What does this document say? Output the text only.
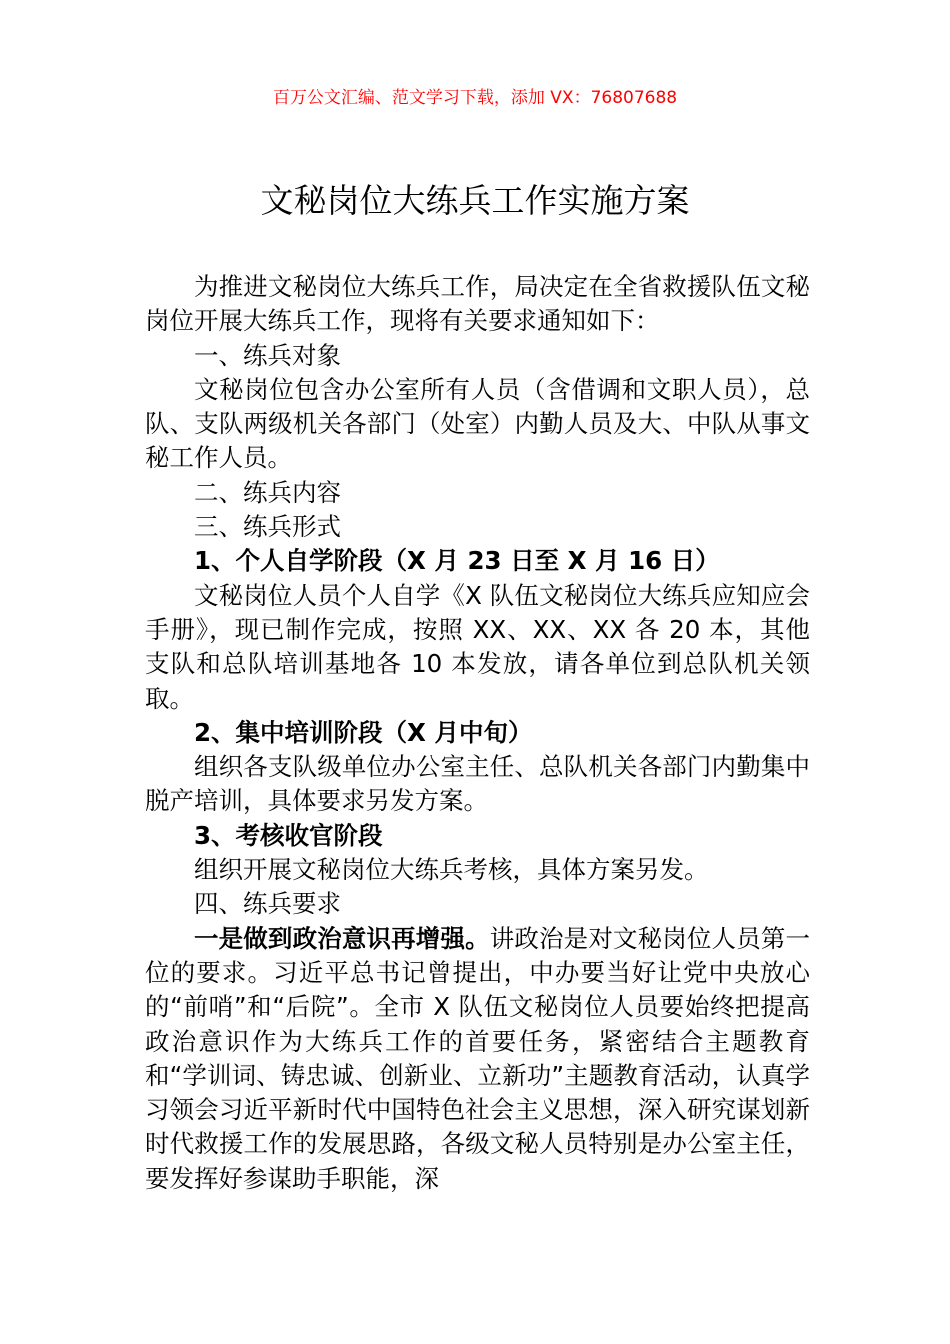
百万公文汇编、范文学习下载，添加 VX：76807688
文秘岗位大练兵工作实施方案

为推进文秘岗位大练兵工作，局决定在全省救援队伍文秘岗位开展大练兵工作，现将有关要求通知如下：

一、练兵对象

文秘岗位包含办公室所有人员（含借调和文职人员），总队、支队两级机关各部门（处室）内勤人员及大、中队从事文秘工作人员。

二、练兵内容

三、练兵形式

1、个人自学阶段（X 月 23 日至 X 月 16 日）

文秘岗位人员个人自学《X 队伍文秘岗位大练兵应知应会手册》，现已制作完成，按照 XX、XX、XX 各 20 本，其他支队和总队培训基地各 10 本发放，请各单位到总队机关领取。

2、集中培训阶段（X 月中旬）

组织各支队级单位办公室主任、总队机关各部门内勤集中脱产培训，具体要求另发方案。

3、考核收官阶段

组织开展文秘岗位大练兵考核，具体方案另发。

四、练兵要求

一是做到政治意识再增强。讲政治是对文秘岗位人员第一位的要求。习近平总书记曾提出，中办要当好让党中央放心的“前哨”和“后院”。全市 X 队伍文秘岗位人员要始终把提高政治意识作为大练兵工作的首要任务，紧密结合主题教育和“学训词、铸忠诚、创新业、立新功”主题教育活动，认真学习领会习近平新时代中国特色社会主义思想，深入研究谋划新时代救援工作的发展思路，各级文秘人员特别是办公室主任，要发挥好参谋助手职能，深
